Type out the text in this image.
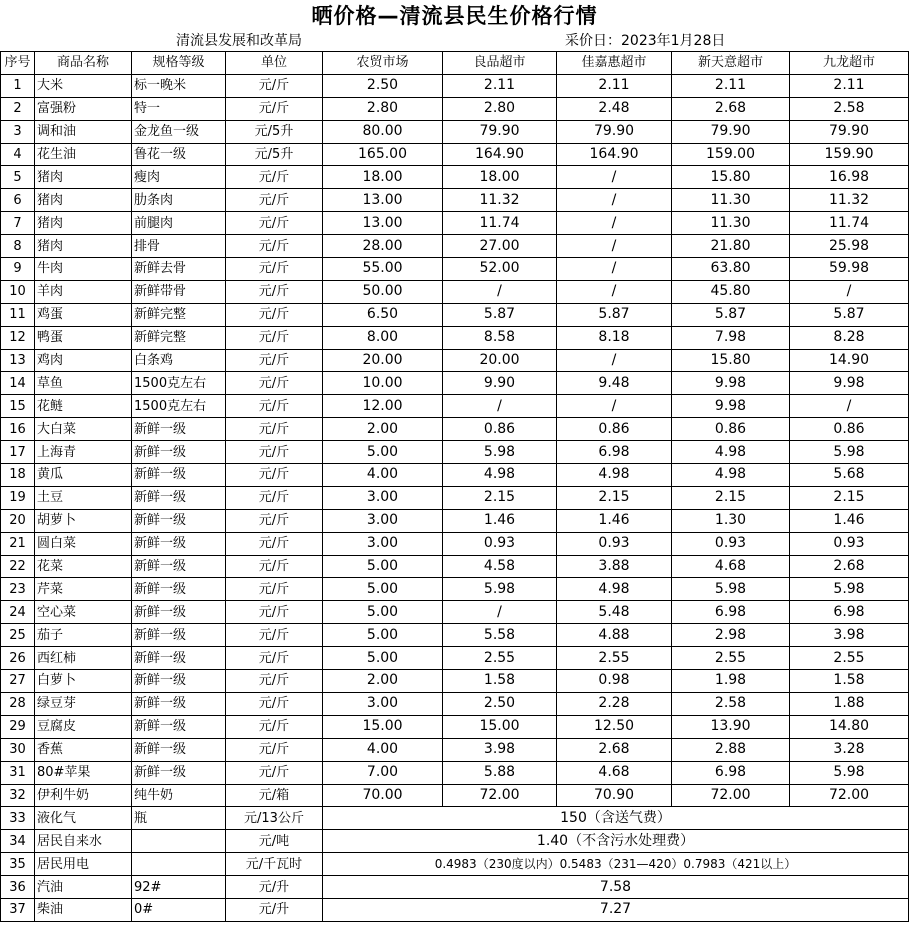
晒价格—清流县民生价格行情
清流县发展和改革局	采价日：2023年1月28日
序号	商品名称	规格等级	单位	农贸市场	良品超市	佳嘉惠超市	新天意超市	九龙超市
1	大米	标一晚米	元/斤	2.50	2.11	2.11	2.11	2.11
2	富强粉	特一	元/斤	2.80	2.80	2.48	2.68	2.58
3	调和油	金龙鱼一级	元/5升	80.00	79.90	79.90	79.90	79.90
4	花生油	鲁花一级	元/5升	165.00	164.90	164.90	159.00	159.90
5	猪肉	瘦肉	元/斤	18.00	18.00	/	15.80	16.98
6	猪肉	肋条肉	元/斤	13.00	11.32	/	11.30	11.32
7	猪肉	前腿肉	元/斤	13.00	11.74	/	11.30	11.74
8	猪肉	排骨	元/斤	28.00	27.00	/	21.80	25.98
9	牛肉	新鲜去骨	元/斤	55.00	52.00	/	63.80	59.98
10	羊肉	新鲜带骨	元/斤	50.00	/	/	45.80	/
11	鸡蛋	新鲜完整	元/斤	6.50	5.87	5.87	5.87	5.87
12	鸭蛋	新鲜完整	元/斤	8.00	8.58	8.18	7.98	8.28
13	鸡肉	白条鸡	元/斤	20.00	20.00	/	15.80	14.90
14	草鱼	1500克左右	元/斤	10.00	9.90	9.48	9.98	9.98
15	花鲢	1500克左右	元/斤	12.00	/	/	9.98	/
16	大白菜	新鲜一级	元/斤	2.00	0.86	0.86	0.86	0.86
17	上海青	新鲜一级	元/斤	5.00	5.98	6.98	4.98	5.98
18	黄瓜	新鲜一级	元/斤	4.00	4.98	4.98	4.98	5.68
19	土豆	新鲜一级	元/斤	3.00	2.15	2.15	2.15	2.15
20	胡萝卜	新鲜一级	元/斤	3.00	1.46	1.46	1.30	1.46
21	圆白菜	新鲜一级	元/斤	3.00	0.93	0.93	0.93	0.93
22	花菜	新鲜一级	元/斤	5.00	4.58	3.88	4.68	2.68
23	芹菜	新鲜一级	元/斤	5.00	5.98	4.98	5.98	5.98
24	空心菜	新鲜一级	元/斤	5.00	/	5.48	6.98	6.98
25	茄子	新鲜一级	元/斤	5.00	5.58	4.88	2.98	3.98
26	西红柿	新鲜一级	元/斤	5.00	2.55	2.55	2.55	2.55
27	白萝卜	新鲜一级	元/斤	2.00	1.58	0.98	1.98	1.58
28	绿豆芽	新鲜一级	元/斤	3.00	2.50	2.28	2.58	1.88
29	豆腐皮	新鲜一级	元/斤	15.00	15.00	12.50	13.90	14.80
30	香蕉	新鲜一级	元/斤	4.00	3.98	2.68	2.88	3.28
31	80#苹果	新鲜一级	元/斤	7.00	5.88	4.68	6.98	5.98
32	伊利牛奶	纯牛奶	元/箱	70.00	72.00	70.90	72.00	72.00
33	液化气	瓶	元/13公斤	150（含送气费）				
34	居民自来水		元/吨	1.40（不含污水处理费）				
35	居民用电		元/千瓦时	0.4983（230度以内）0.5483（231—420）0.7983（421以上）				
36	汽油	92#	元/升	7.58				
37	柴油	0#	元/升	7.27				
